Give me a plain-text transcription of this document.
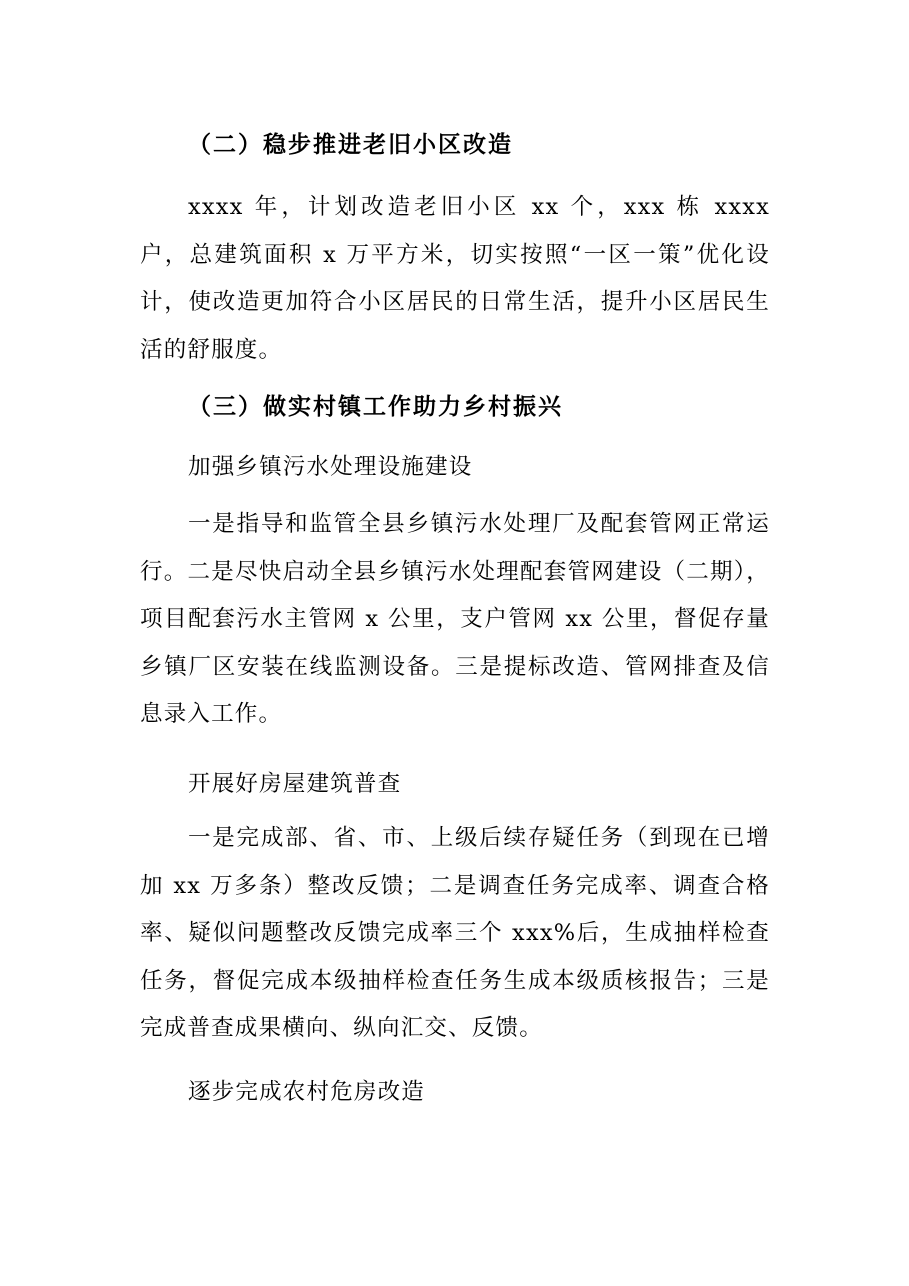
（二）稳步推进老旧小区改造

xxxx 年，计划改造老旧小区 xx 个，xxx 栋 xxxx 户，总建筑面积 x 万平方米，切实按照“一区一策”优化设计，使改造更加符合小区居民的日常生活，提升小区居民生活的舒服度。

（三）做实村镇工作助力乡村振兴

加强乡镇污水处理设施建设

一是指导和监管全县乡镇污水处理厂及配套管网正常运行。二是尽快启动全县乡镇污水处理配套管网建设（二期），项目配套污水主管网 x 公里，支户管网 xx 公里，督促存量乡镇厂区安装在线监测设备。三是提标改造、管网排查及信息录入工作。

开展好房屋建筑普查

一是完成部、省、市、上级后续存疑任务（到现在已增加 xx 万多条）整改反馈；二是调查任务完成率、调查合格率、疑似问题整改反馈完成率三个 xxx%后，生成抽样检查任务，督促完成本级抽样检查任务生成本级质核报告；三是完成普查成果横向、纵向汇交、反馈。

逐步完成农村危房改造
